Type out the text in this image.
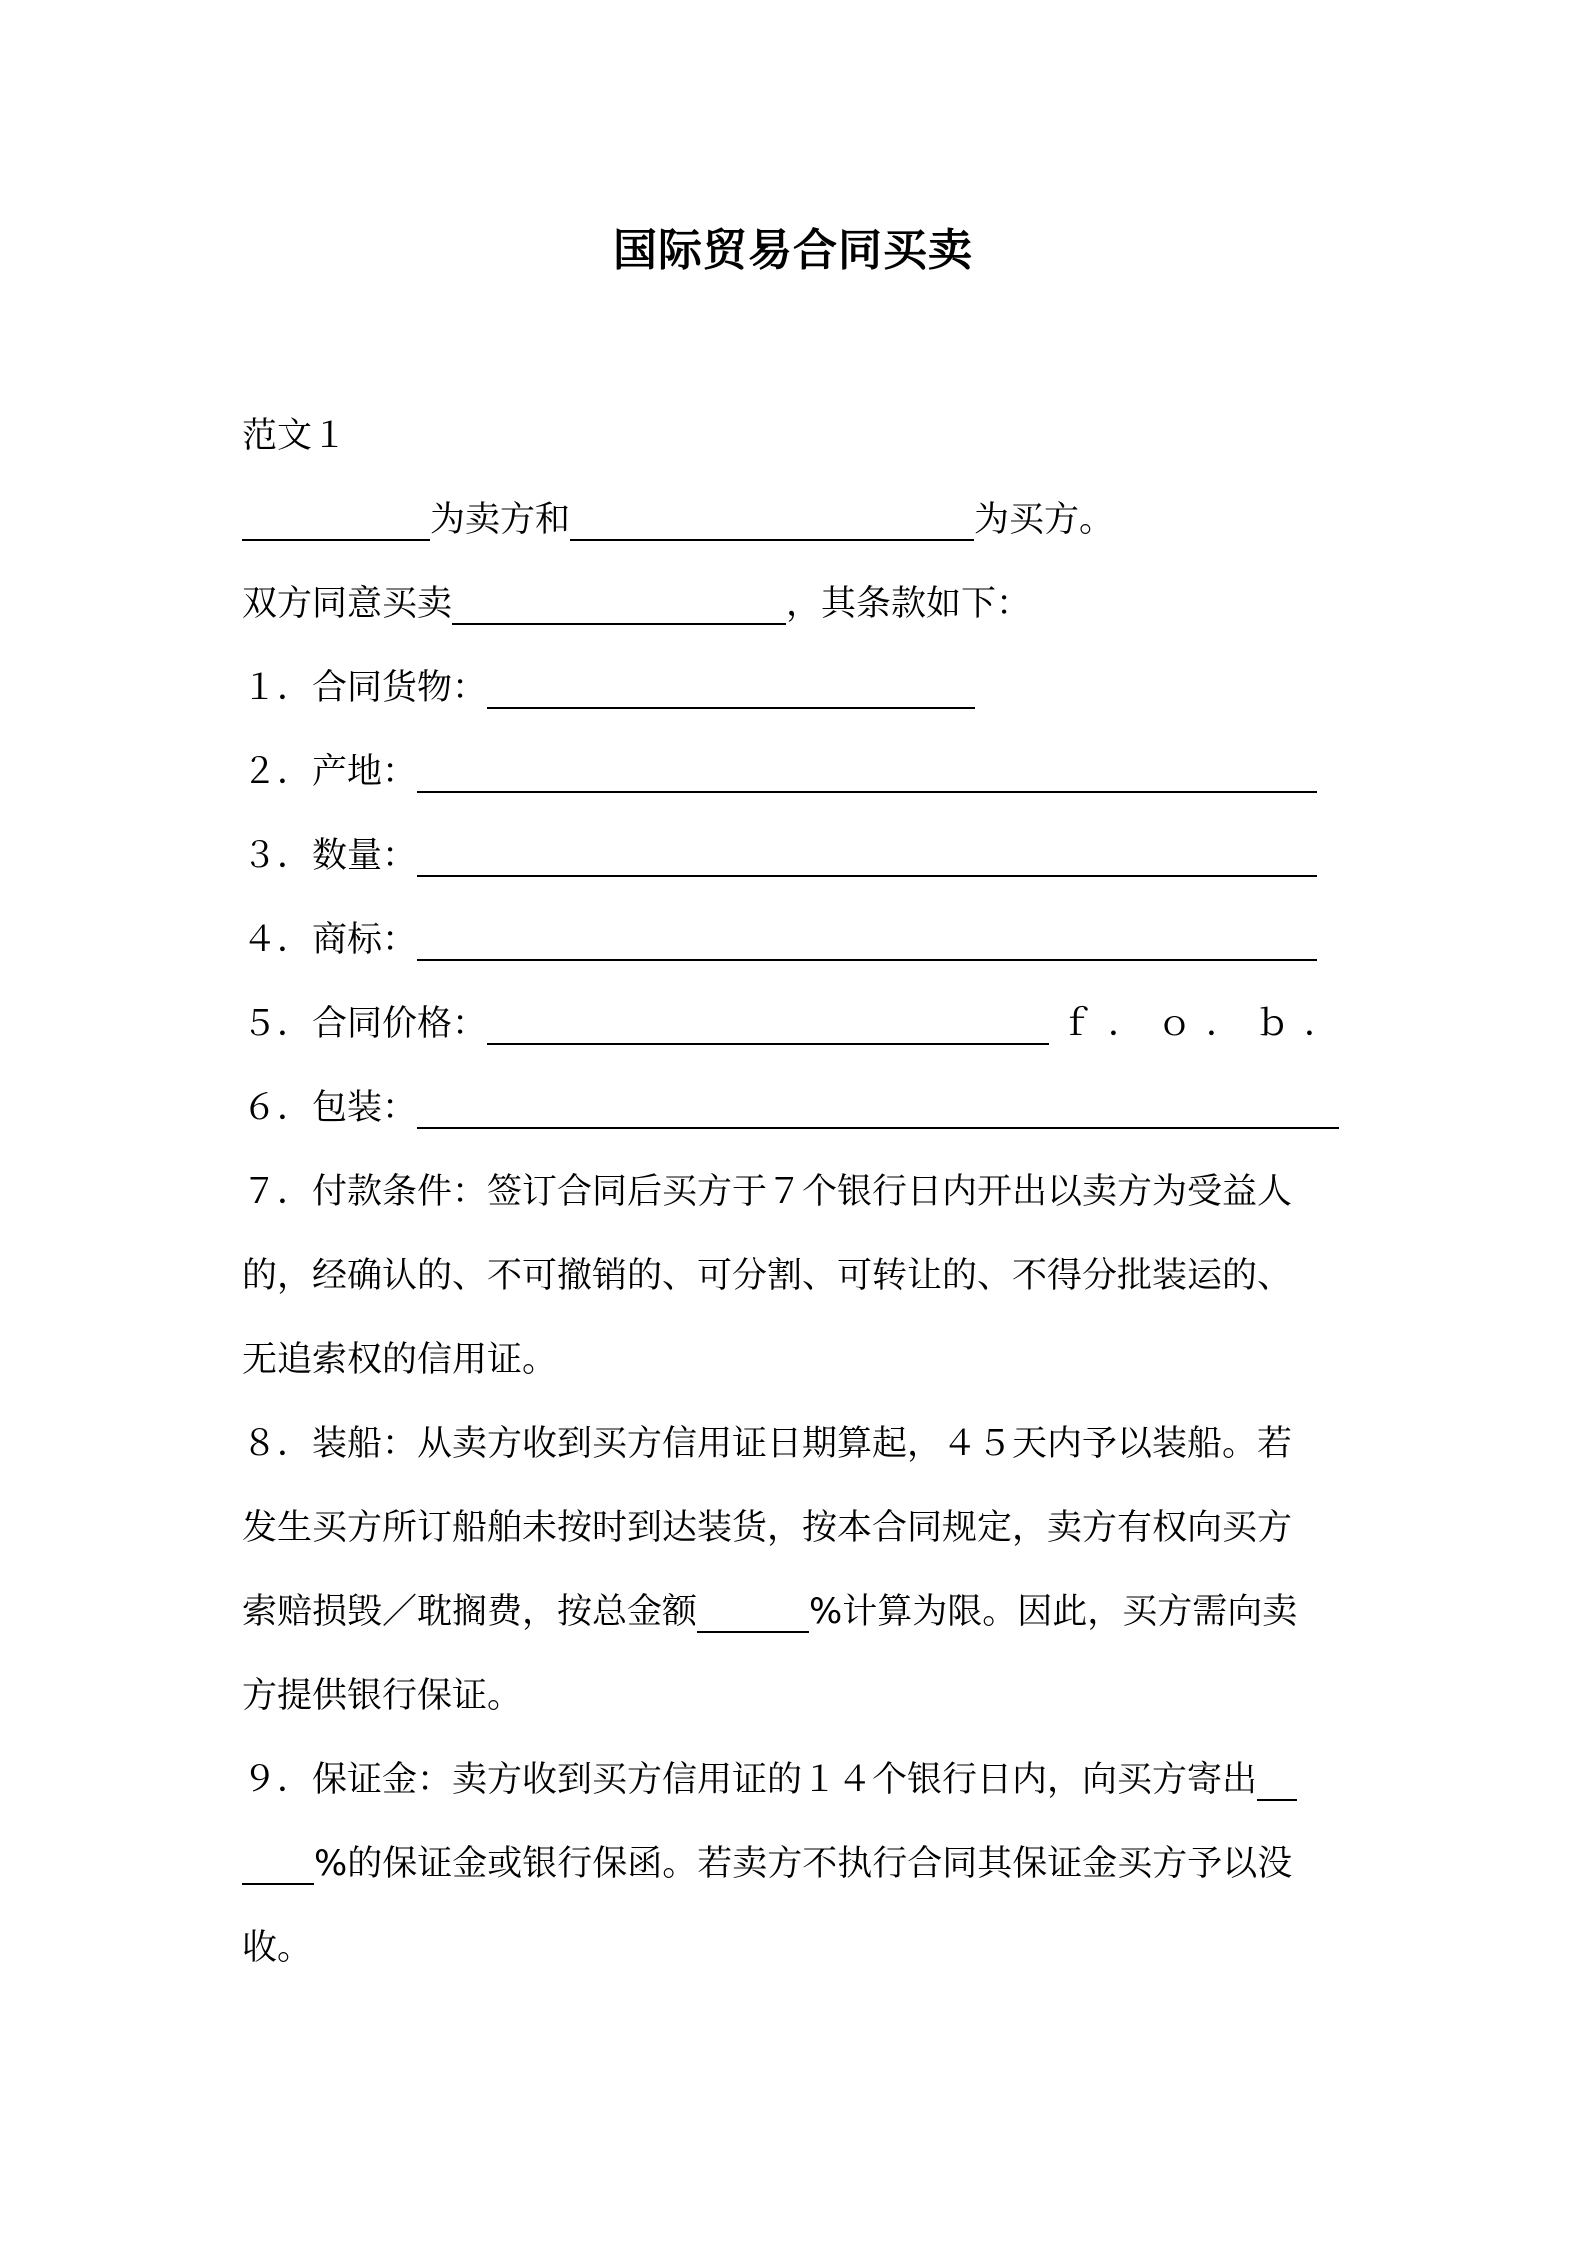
国际贸易合同买卖
范文１
为卖方和	为买方。
双方同意买卖	，其条款如下：
１．合同货物：
２．产地：
３．数量：
４．商标：
５．合同价格：	ｆ．ｏ．ｂ．
６．包装：
７．付款条件：签订合同后买方于７个银行日内开出以卖方为受益人
的，经确认的、不可撤销的、可分割、可转让的、不得分批装运的、
无追索权的信用证。
８．装船：从卖方收到买方信用证日期算起，４５天内予以装船。若
发生买方所订船舶未按时到达装货，按本合同规定，卖方有权向买方
索赔损毁／耽搁费，按总金额	%计算为限。因此，买方需向卖
方提供银行保证。
９．保证金：卖方收到买方信用证的１４个银行日内，向买方寄出
%的保证金或银行保函。若卖方不执行合同其保证金买方予以没
收。
